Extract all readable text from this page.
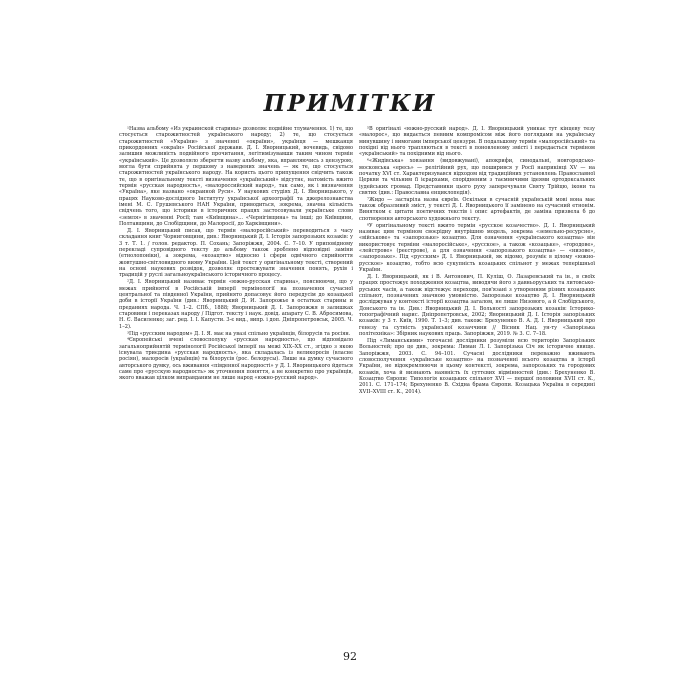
ПРИМІТКИ

¹Назва альбому «Из украинской старины» дозволяє подвійне тлумачення. 1) те, що стосується старожитностей українського народу; 2) те, що стосується старожитностей «України» з значенні «окраїни», українця — мешканця прикордонних «окраїн» Російської держави. Д. І. Яворницький, вочевидь, свідомо залишив можливість подвійного прочитання, легітимізувавши таким чином термін «український». Це дозволяло зберегти назву альбому, яка, вправляючись з цензурою, могла бути сприйнята у першому з наведених значень — як те, що стосується старожитностей українського народу. На користь цього припущення свідчить також те, що в оригінальному тексті визначення «український» відсутнє, натомість вжито термін «русская народность», «малороссийский народ», так само, як і визначення «Україна», яке названо «окраиной Руси». У наукових студіях Д. І. Яворницького, у працях Науково-дослідного Інституту української археографії та джерелознавства імені М. С. Грушевського НАН України, приводиться, зокрема, значна кількість свідчень того, що історики в історичних працях застосовували українське слово «земля» в значенні Росії; там «Київщина»... «Чернігівщина» та інші; до Київщини, Полтавщини, до Слобідщини, до Малоросії, до Харківщини».

Д. І. Яворницький писав, що термін «малоросійський» переводиться з часу складання книг Чорниговщини, див.: Яворницький Д. І. Історія запорозьких козаків: у 3 т. Т. 1. / голов. редактор. П. Сохань; Запоріжжя, 2004. С. 7–10. У приповідному перекладі супровідного тексту до альбому також зроблено відповідні заміни (етнолопоніки), а зокрема, «козацтво» відносно і сфери одвічного сприйняття жовтушно-світловидного вияву України. Цей текст у оригінальному тексті, створений на основі наукових розвідок, дозволяє простежувати значення понять, рухів і традицій у руслі загальноукраїнського історичного процесу.

²Д. І. Яворницький називає термін «южно-русская старина», пояснюючи, що у межах прийнятої в Російській імперії термінології на позначення сучасної центральної та південної України, прийнято допасовує його передусім до козацької доби в історії України (див.: Яворницький Д. И. Запорожье в остатках старины и преданиях народа. Ч. 1–2. СПб., 1888; Яворницький Д. І. Запорожжя в залишках старовини і переказах народу / Підгот. тексту і наук. довід. апарату С. В. Абросимова, Н. Є. Василенко; заг. ред. І. І. Капусти. 3-є вид., випр. і доп. Дніпропетровськ, 2005. Ч. 1–2).

³Під «русским народом» Д. І. Я. має на увазі спільно українців, білорусів та росіян.

⁴Європейські вчені словосполуку «русская народность», що відповідало загальноприйнятій термінології Російської імперії на межі XIX–XX ст., згідно з якою існувала триєдина «русская народность», яка складалась із великоросів (власне росіян), малоросів (українців) та білорусів (рос. белорусы). Лише на думку сучасного авторського думку, ось вживання «південної народності» у Д. І. Яворницького йдеться саме про «русскую народность» як уточнення поняття, а не конкретно про українців, якого вважав цілком виправданим не лише народ «южно-русский народ».

⁵В оригіналі «южно-русский народ». Д. І. Яворницький уникає тут кінцеву тезу «малорос», що видається певним компромісом між його поглядами на українську минувшину і вимогами імперської цензури. В подальшому термін «малоросійський» та похідні від нього трапляються в тексті в поновленому змісті і передається терміном «український» та похідними від нього.

⁶«Жидівська» ховзання (видовжувані), апокрифи, синодальні, новгородсько-московська «ересь» — релігійний рух, що поширився у Росії наприкінці XV — на початку XVI ст. Характеризувався відходом від традиційних установлень Православної Церкви та чільним її ієрархами, спорідненим з таємничими ідеями ортодоксальних іудейських громад. Представники цього руху заперечували Святу Трійцю, ікони та святих (див.: Православна енциклопедія).

⁷Жидо — застаріла назва євреїв. Оскільки в сучасній українській мові вона має також образливий зміст, у тексті Д. І. Яворницького її замінено на сучасний етнонім. Винятком є цитати поетичних текстів і опис артефактів, де заміна призвела б до спотворення авторського художнього тексту.

⁸У оригінальному тексті вжито термін «русское козачество». Д. І. Яворницький називає цим терміном своєрідну внутрішню модель, зокрема «земельно-ресурсне», «військове» та «запорозьке» козацтво. Для означення «українського козацтва» він використовує терміни «малоросійське», «русское», а також «козацьке», «городове», «лейстрове» (реєстрове), а для означення «запорозького козацтва» — «низове», «запорозьке». Під «русским» Д. І. Яворницький, як відомо, розуміє в цілому «южно-русское» козацтво, тобто всю сукупність козацьких спільнот у межах теперішньої України.

Д. І. Яворницький, як і В. Антонович, П. Куліш, О. Лазаревський та ін., в своїх працях простежує походження козацтва, виводячи його з давньоруських та литовсько-руських часів, а також відстежує переходи, пов'язані з утворенням різних козацьких спільнот, позначених значною умовністю. Запорозьке козацтво Д. І. Яворницький досліджував у контексті історії козацтва загалом, не лише Низового, а й Слобідського, Донського та ін. Див.: Яворницький Д. І. Вольності запорозьких козаків: Історико-топографічний нарис. Дніпропетровськ, 2002; Яворницький Д. І. Історія запорізьких козаків: у 3 т. Київ, 1990. Т. 1–3; див. також: Брехуненко В. А. Д. І. Яворницький про генезу та сутність української козаччини // Вісник Нац. ун-ту «Запорізька політехніка»: Збірник наукових праць. Запоріжжя, 2019. № 3. С. 7–18.

Під «Лиманськими» тогочасні дослідники розуміли всю територію Запорізьких Вольностей; про це див., зокрема: Лиман Л. І. Запорізька Січ як історичне явище. Запоріжжя, 2003. С. 94–101. Сучасні дослідники переважно вживають словосполучення «українське козацтво» на позначенні всього козацтва в історії України, не відокремлюючи в цьому контексті, зокрема, запорозьких та городових козаків, хоча й визнають наявність їх суттєвих відмінностей (див.: Брехуненко В. Козацтво Європи: Типологія козацьких спільнот XVI — першої половини XVII ст. К., 2011. С. 171–174; Брехуненко В. Східна брама Європи. Козацька Україна в середині XVII–XVIII ст. К., 2014).

92
